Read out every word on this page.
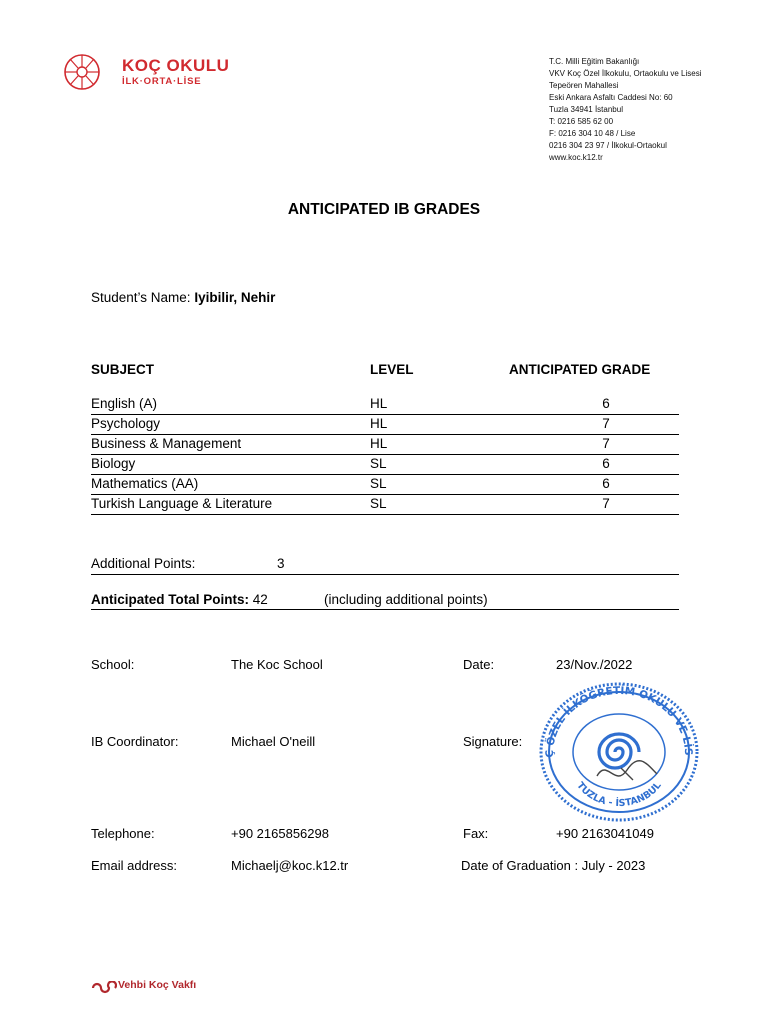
KOÇ OKULU
İLK·ORTA·LİSE
T.C. Milli Eğitim Bakanlığı
VKV Koç Özel İlkokulu, Ortaokulu ve Lisesi
Tepeören Mahallesi
Eski Ankara Asfaltı Caddesi No: 60
Tuzla 34941 İstanbul
T: 0216 585 62 00
F: 0216 304 10 48 / Lise
0216 304 23 97 / İlkokul-Ortaokul
www.koc.k12.tr
ANTICIPATED IB GRADES
Student’s Name: Iyibilir, Nehir
SUBJECT	LEVEL	ANTICIPATED GRADE
English (A)	HL	6
Psychology	HL	7
Business & Management	HL	7
Biology	SL	6
Mathematics (AA)	SL	6
Turkish Language & Literature	SL	7
Additional Points:	3
Anticipated Total Points: 42	(including additional points)
School:	The Koc School	Date:	23/Nov./2022
IB Coordinator:	Michael O'neill	Signature:
Telephone:	+90 2165856298	Fax:	+90 2163041049
Email address:	Michaelj@koc.k12.tr	Date of Graduation : July - 2023
Ç ÖZEL İLKÖĞRETİM OKULU VE LİS
TUZLA - İSTANBUL
Vehbi Koç Vakfı
